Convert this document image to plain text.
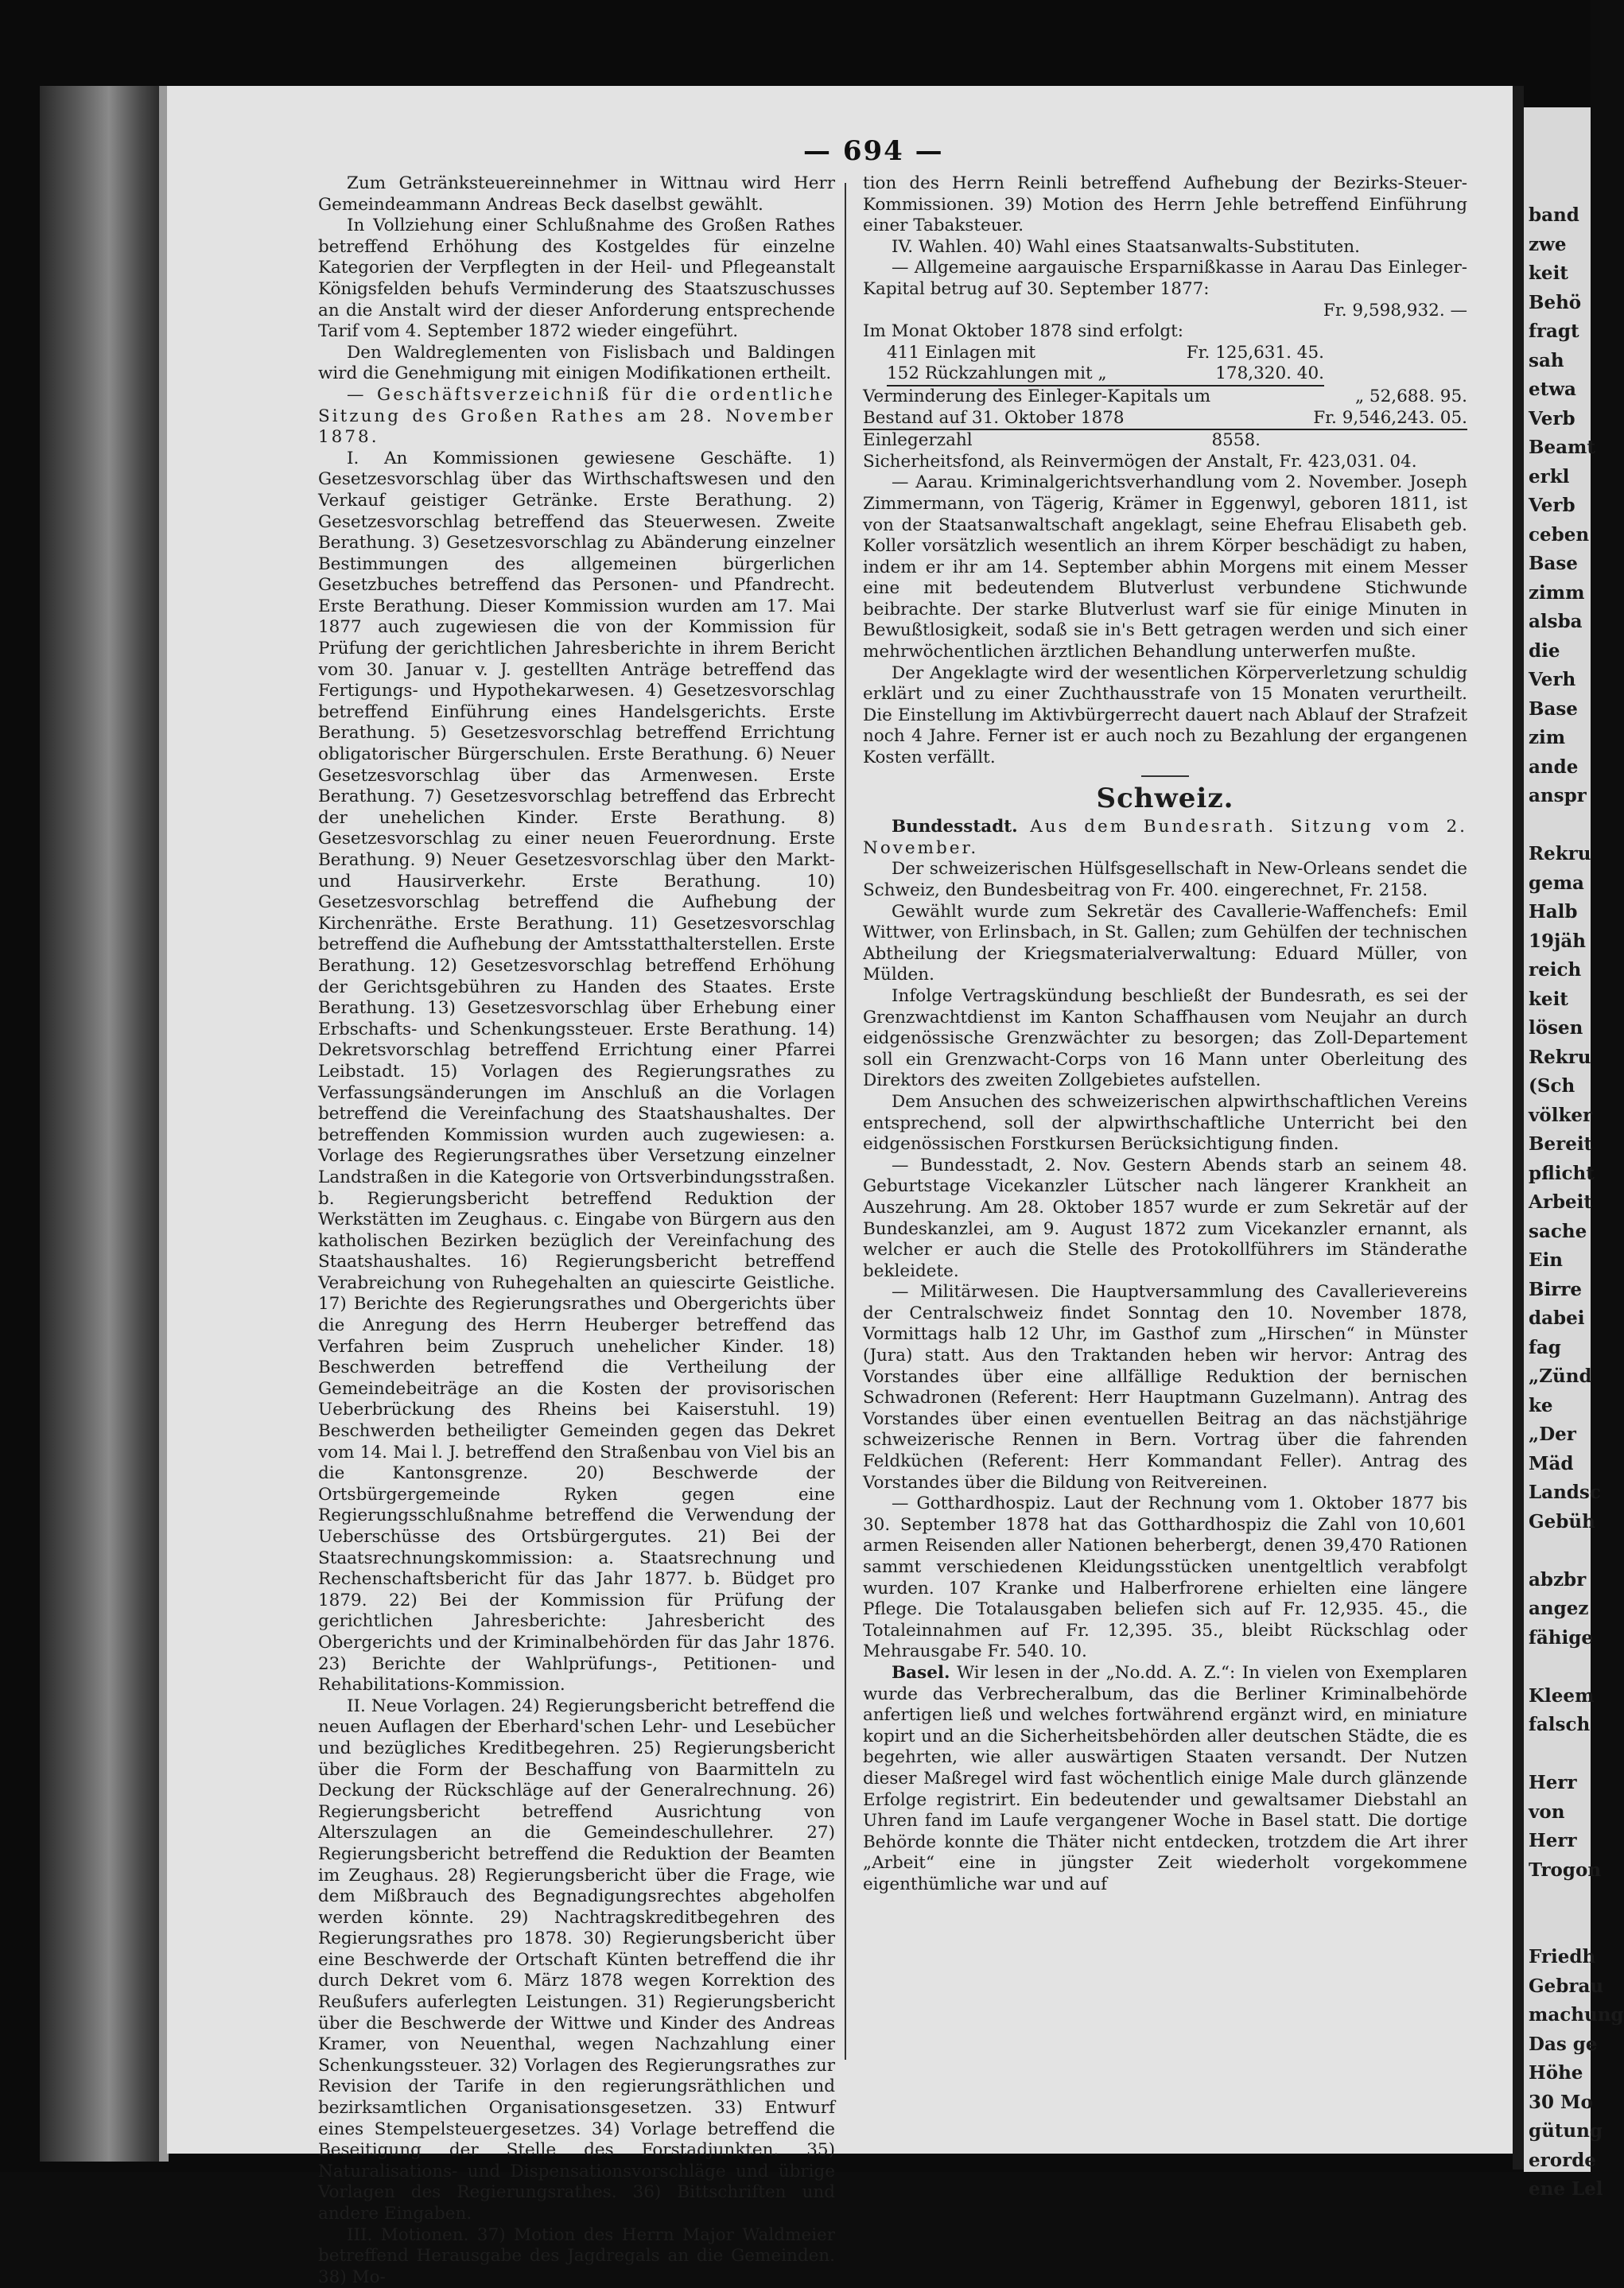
band
zwe
keit
Behö
fragt
sah
etwa
Verb
Beamt
erkl
Verb
ceben
Base
zimm
alsba
die
Verh
Base
zim
ande
anspr

Rekru
gema
Halb
19jäh
reich
keit
lösen
Rekru
(Sch
völker
Bereit
pflicht
Arbeit
sache
Ein
Birre
dabei
fag
„Zünd
ke
„Der
Mäd
Landsc
Gebüh

abzbr
angez
fähige

Kleem
falsch

Herr
von
Herr
Trogon

Friedh
Gebrau
machung
Das ge
Höhe
30 Mo
gütung
erorde
ene Lel
— 694 —

Zum Getränksteuereinnehmer in Wittnau wird Herr Gemeindeammann Andreas Beck daselbst gewählt.

In Vollziehung einer Schlußnahme des Großen Rathes betreffend Erhöhung des Kostgeldes für einzelne Kategorien der Verpflegten in der Heil- und Pflegeanstalt Königsfelden behufs Verminderung des Staatszuschusses an die Anstalt wird der dieser Anforderung entsprechende Tarif vom 4. September 1872 wieder eingeführt.

Den Waldreglementen von Fislisbach und Baldingen wird die Genehmigung mit einigen Modifikationen ertheilt.

— Geschäftsverzeichniß für die ordentliche Sitzung des Großen Rathes am 28. November 1878.

I. An Kommissionen gewiesene Geschäfte. 1) Gesetzesvorschlag über das Wirthschaftswesen und den Verkauf geistiger Getränke. Erste Berathung. 2) Gesetzesvorschlag betreffend das Steuerwesen. Zweite Berathung. 3) Gesetzesvorschlag zu Abänderung einzelner Bestimmungen des allgemeinen bürgerlichen Gesetzbuches betreffend das Personen- und Pfandrecht. Erste Berathung. Dieser Kommission wurden am 17. Mai 1877 auch zugewiesen die von der Kommission für Prüfung der gerichtlichen Jahresberichte in ihrem Bericht vom 30. Januar v. J. gestellten Anträge betreffend das Fertigungs- und Hypothekarwesen. 4) Gesetzesvorschlag betreffend Einführung eines Handelsgerichts. Erste Berathung. 5) Gesetzesvorschlag betreffend Errichtung obligatorischer Bürgerschulen. Erste Berathung. 6) Neuer Gesetzesvorschlag über das Armenwesen. Erste Berathung. 7) Gesetzesvorschlag betreffend das Erbrecht der unehelichen Kinder. Erste Berathung. 8) Gesetzesvorschlag zu einer neuen Feuerordnung. Erste Berathung. 9) Neuer Gesetzesvorschlag über den Markt- und Hausirverkehr. Erste Berathung. 10) Gesetzesvorschlag betreffend die Aufhebung der Kirchenräthe. Erste Berathung. 11) Gesetzesvorschlag betreffend die Aufhebung der Amtsstatthalterstellen. Erste Berathung. 12) Gesetzesvorschlag betreffend Erhöhung der Gerichtsgebühren zu Handen des Staates. Erste Berathung. 13) Gesetzesvorschlag über Erhebung einer Erbschafts- und Schenkungssteuer. Erste Berathung. 14) Dekretsvorschlag betreffend Errichtung einer Pfarrei Leibstadt. 15) Vorlagen des Regierungsrathes zu Verfassungsänderungen im Anschluß an die Vorlagen betreffend die Vereinfachung des Staatshaushaltes. Der betreffenden Kommission wurden auch zugewiesen: a. Vorlage des Regierungsrathes über Versetzung einzelner Landstraßen in die Kategorie von Ortsverbindungsstraßen. b. Regierungsbericht betreffend Reduktion der Werkstätten im Zeughaus. c. Eingabe von Bürgern aus den katholischen Bezirken bezüglich der Vereinfachung des Staatshaushaltes. 16) Regierungsbericht betreffend Verabreichung von Ruhegehalten an quiescirte Geistliche. 17) Berichte des Regierungsrathes und Obergerichts über die Anregung des Herrn Heuberger betreffend das Verfahren beim Zuspruch unehelicher Kinder. 18) Beschwerden betreffend die Vertheilung der Gemeindebeiträge an die Kosten der provisorischen Ueberbrückung des Rheins bei Kaiserstuhl. 19) Beschwerden betheiligter Gemeinden gegen das Dekret vom 14. Mai l. J. betreffend den Straßenbau von Viel bis an die Kantonsgrenze. 20) Beschwerde der Ortsbürgergemeinde Ryken gegen eine Regierungsschlußnahme betreffend die Verwendung der Ueberschüsse des Ortsbürgergutes. 21) Bei der Staatsrechnungskommission: a. Staatsrechnung und Rechenschaftsbericht für das Jahr 1877. b. Büdget pro 1879. 22) Bei der Kommission für Prüfung der gerichtlichen Jahresberichte: Jahresbericht des Obergerichts und der Kriminalbehörden für das Jahr 1876. 23) Berichte der Wahlprüfungs-, Petitionen- und Rehabilitations-Kommission.

II. Neue Vorlagen. 24) Regierungsbericht betreffend die neuen Auflagen der Eberhard'schen Lehr- und Lesebücher und bezügliches Kreditbegehren. 25) Regierungsbericht über die Form der Beschaffung von Baarmitteln zu Deckung der Rückschläge auf der Generalrechnung. 26) Regierungsbericht betreffend Ausrichtung von Alterszulagen an die Gemeindeschullehrer. 27) Regierungsbericht betreffend die Reduktion der Beamten im Zeughaus. 28) Regierungsbericht über die Frage, wie dem Mißbrauch des Begnadigungsrechtes abgeholfen werden könnte. 29) Nachtragskreditbegehren des Regierungsrathes pro 1878. 30) Regierungsbericht über eine Beschwerde der Ortschaft Künten betreffend die ihr durch Dekret vom 6. März 1878 wegen Korrektion des Reußufers auferlegten Leistungen. 31) Regierungsbericht über die Beschwerde der Wittwe und Kinder des Andreas Kramer, von Neuenthal, wegen Nachzahlung einer Schenkungssteuer. 32) Vorlagen des Regierungsrathes zur Revision der Tarife in den regierungsräthlichen und bezirksamtlichen Organisationsgesetzen. 33) Entwurf eines Stempelsteuergesetzes. 34) Vorlage betreffend die Beseitigung der Stelle des Forstadjunkten. 35) Naturalisations- und Dispensationsvorschläge und übrige Vorlagen des Regierungsrathes. 36) Bittschriften und andere Eingaben.

III. Motionen. 37) Motion des Herrn Major Waldmeier betreffend Herausgabe des Jagdregals an die Gemeinden. 38) Mo-

tion des Herrn Reinli betreffend Aufhebung der Bezirks-Steuer-Kommissionen. 39) Motion des Herrn Jehle betreffend Einführung einer Tabaksteuer.

IV. Wahlen. 40) Wahl eines Staatsanwalts-Substituten.

— Allgemeine aargauische Ersparnißkasse in Aarau Das Einleger-Kapital betrug auf 30. September 1877:

Fr. 9,598,932. —

Im Monat Oktober 1878 sind erfolgt:

411 Einlagen mit	Fr. 125,631. 45.
152 Rückzahlungen mit „	178,320. 40.
Verminderung des Einleger-Kapitals um	„ 52,688. 95.
Bestand auf 31. Oktober 1878	Fr. 9,546,243. 05.
Einlegerzahl	8558.

Sicherheitsfond, als Reinvermögen der Anstalt, Fr. 423,031. 04.

— Aarau. Kriminalgerichtsverhandlung vom 2. November. Joseph Zimmermann, von Tägerig, Krämer in Eggenwyl, geboren 1811, ist von der Staatsanwaltschaft angeklagt, seine Ehefrau Elisabeth geb. Koller vorsätzlich wesentlich an ihrem Körper beschädigt zu haben, indem er ihr am 14. September abhin Morgens mit einem Messer eine mit bedeutendem Blutverlust verbundene Stichwunde beibrachte. Der starke Blutverlust warf sie für einige Minuten in Bewußtlosigkeit, sodaß sie in's Bett getragen werden und sich einer mehrwöchentlichen ärztlichen Behandlung unterwerfen mußte.

Der Angeklagte wird der wesentlichen Körperverletzung schuldig erklärt und zu einer Zuchthausstrafe von 15 Monaten verurtheilt. Die Einstellung im Aktivbürgerrecht dauert nach Ablauf der Strafzeit noch 4 Jahre. Ferner ist er auch noch zu Bezahlung der ergangenen Kosten verfällt.

Schweiz.

Bundesstadt. Aus dem Bundesrath. Sitzung vom 2. November.

Der schweizerischen Hülfsgesellschaft in New-Orleans sendet die Schweiz, den Bundesbeitrag von Fr. 400. eingerechnet, Fr. 2158.

Gewählt wurde zum Sekretär des Cavallerie-Waffenchefs: Emil Wittwer, von Erlinsbach, in St. Gallen; zum Gehülfen der technischen Abtheilung der Kriegsmaterialverwaltung: Eduard Müller, von Mülden.

Infolge Vertragskündung beschließt der Bundesrath, es sei der Grenzwachtdienst im Kanton Schaffhausen vom Neujahr an durch eidgenössische Grenzwächter zu besorgen; das Zoll-Departement soll ein Grenzwacht-Corps von 16 Mann unter Oberleitung des Direktors des zweiten Zollgebietes aufstellen.

Dem Ansuchen des schweizerischen alpwirthschaftlichen Vereins entsprechend, soll der alpwirthschaftliche Unterricht bei den eidgenössischen Forstkursen Berücksichtigung finden.

— Bundesstadt, 2. Nov. Gestern Abends starb an seinem 48. Geburtstage Vicekanzler Lütscher nach längerer Krankheit an Auszehrung. Am 28. Oktober 1857 wurde er zum Sekretär auf der Bundeskanzlei, am 9. August 1872 zum Vicekanzler ernannt, als welcher er auch die Stelle des Protokollführers im Ständerathe bekleidete.

— Militärwesen. Die Hauptversammlung des Cavallerievereins der Centralschweiz findet Sonntag den 10. November 1878, Vormittags halb 12 Uhr, im Gasthof zum „Hirschen“ in Münster (Jura) statt. Aus den Traktanden heben wir hervor: Antrag des Vorstandes über eine allfällige Reduktion der bernischen Schwadronen (Referent: Herr Hauptmann Guzelmann). Antrag des Vorstandes über einen eventuellen Beitrag an das nächstjährige schweizerische Rennen in Bern. Vortrag über die fahrenden Feldküchen (Referent: Herr Kommandant Feller). Antrag des Vorstandes über die Bildung von Reitvereinen.

— Gotthardhospiz. Laut der Rechnung vom 1. Oktober 1877 bis 30. September 1878 hat das Gotthardhospiz die Zahl von 10,601 armen Reisenden aller Nationen beherbergt, denen 39,470 Rationen sammt verschiedenen Kleidungsstücken unentgeltlich verabfolgt wurden. 107 Kranke und Halberfrorene erhielten eine längere Pflege. Die Totalausgaben beliefen sich auf Fr. 12,935. 45., die Totaleinnahmen auf Fr. 12,395. 35., bleibt Rückschlag oder Mehrausgabe Fr. 540. 10.

Basel. Wir lesen in der „No.dd. A. Z.“: In vielen von Exemplaren wurde das Verbrecheralbum, das die Berliner Kriminalbehörde anfertigen ließ und welches fortwährend ergänzt wird, en miniature kopirt und an die Sicherheitsbehörden aller deutschen Städte, die es begehrten, wie aller auswärtigen Staaten versandt. Der Nutzen dieser Maßregel wird fast wöchentlich einige Male durch glänzende Erfolge registrirt. Ein bedeutender und gewaltsamer Diebstahl an Uhren fand im Laufe vergangener Woche in Basel statt. Die dortige Behörde konnte die Thäter nicht entdecken, trotzdem die Art ihrer „Arbeit“ eine in jüngster Zeit wiederholt vorgekommene eigenthümliche war und auf
